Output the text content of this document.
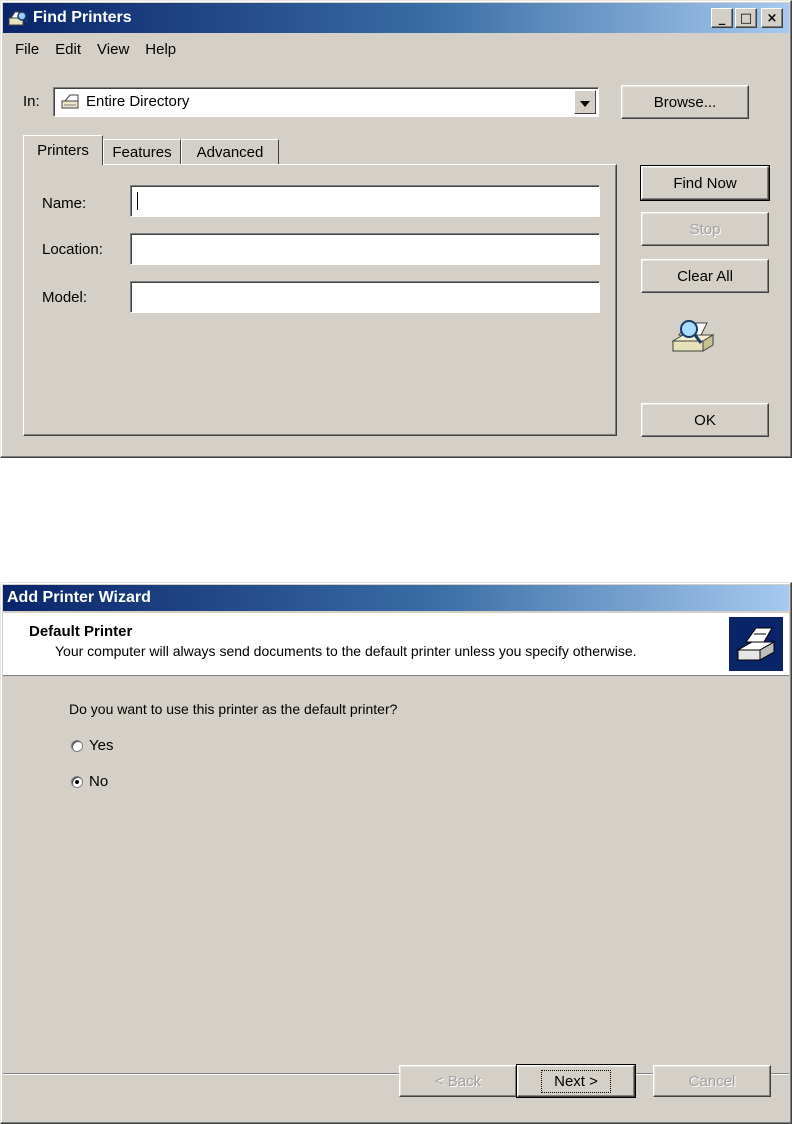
Find Printers	_ □ ×
File	Edit	View	Help
In:	Entire Directory	Browse...
Printers Features Advanced
Name:
Location:
Model:
Find Now
Stop
Clear All
OK
Add Printer Wizard
Default Printer
Your computer will always send documents to the default printer unless you specify otherwise.
Do you want to use this printer as the default printer?
Yes
No
< Back	Next >	Cancel
